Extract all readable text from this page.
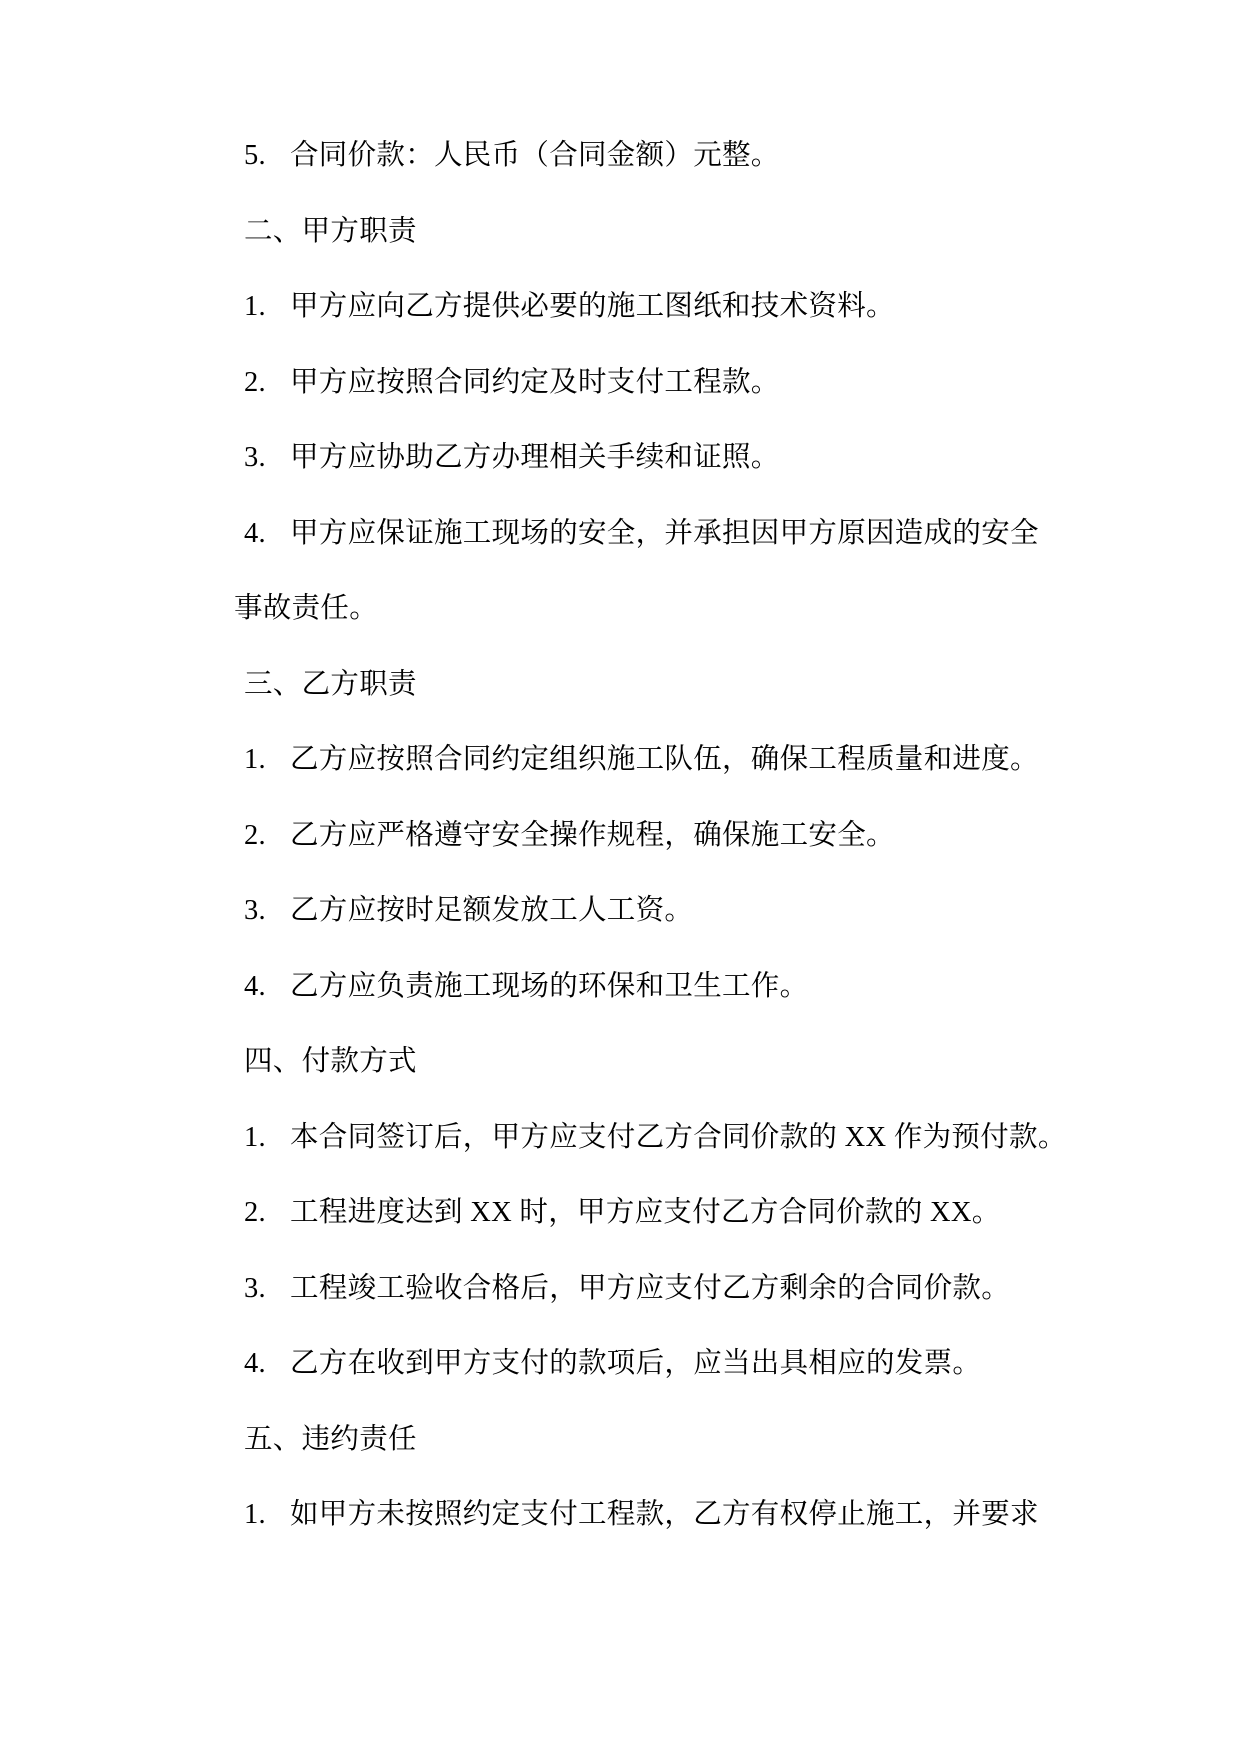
5. 合同价款：人民币（合同金额）元整。
二、甲方职责
1. 甲方应向乙方提供必要的施工图纸和技术资料。
2. 甲方应按照合同约定及时支付工程款。
3. 甲方应协助乙方办理相关手续和证照。
4. 甲方应保证施工现场的安全，并承担因甲方原因造成的安全
事故责任。
三、乙方职责
1. 乙方应按照合同约定组织施工队伍，确保工程质量和进度。
2. 乙方应严格遵守安全操作规程，确保施工安全。
3. 乙方应按时足额发放工人工资。
4. 乙方应负责施工现场的环保和卫生工作。
四、付款方式
1. 本合同签订后，甲方应支付乙方合同价款的 XX 作为预付款。
2. 工程进度达到 XX 时，甲方应支付乙方合同价款的 XX。
3. 工程竣工验收合格后，甲方应支付乙方剩余的合同价款。
4. 乙方在收到甲方支付的款项后，应当出具相应的发票。
五、违约责任
1. 如甲方未按照约定支付工程款，乙方有权停止施工，并要求
